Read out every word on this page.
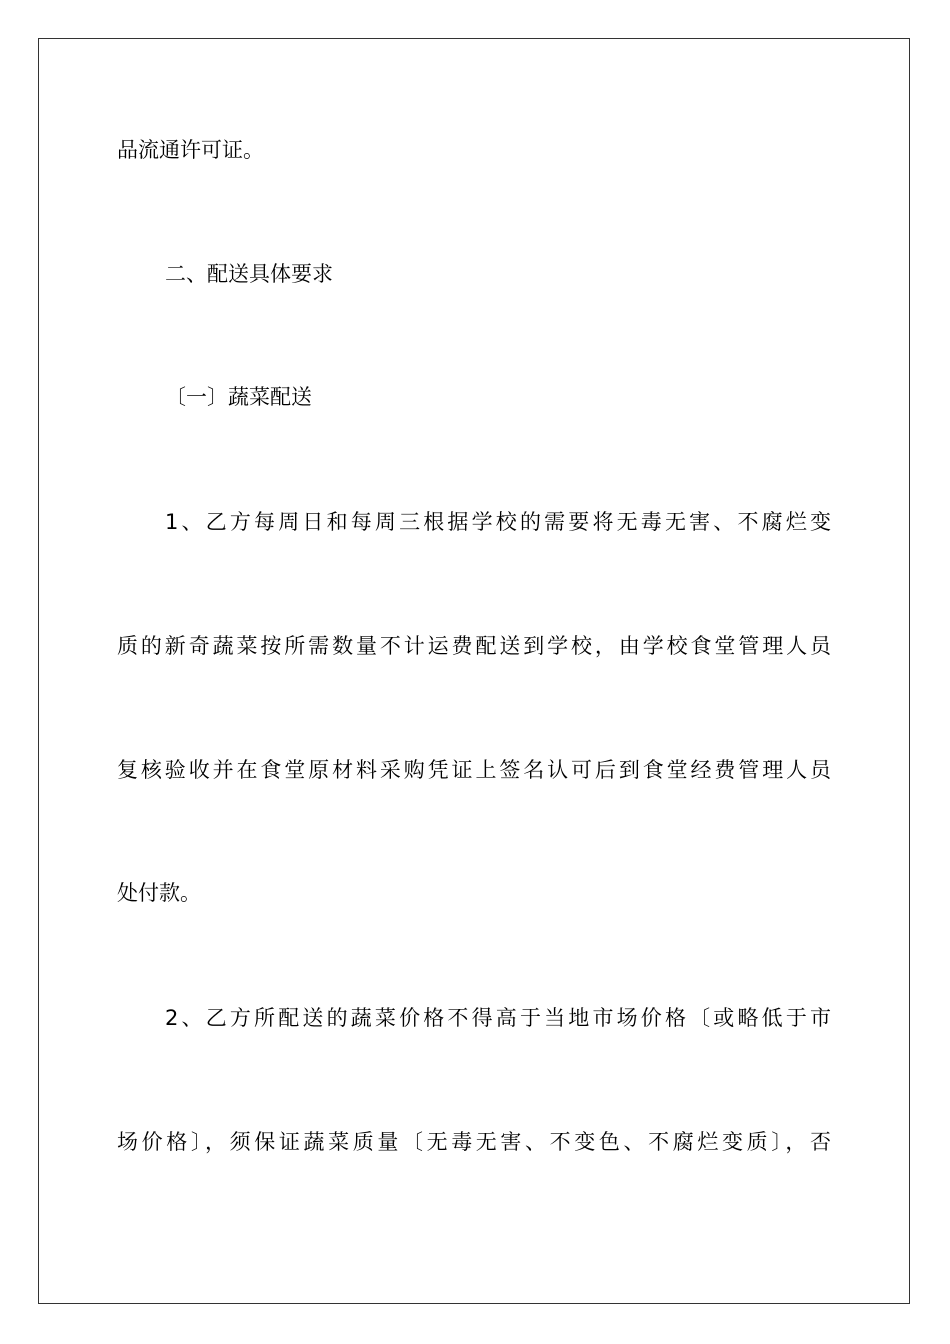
品流通许可证。
二、配送具体要求
〔一〕蔬菜配送
1、乙方每周日和每周三根据学校的需要将无毒无害、不腐烂变
质的新奇蔬菜按所需数量不计运费配送到学校，由学校食堂管理人员
复核验收并在食堂原材料采购凭证上签名认可后到食堂经费管理人员
处付款。
2、乙方所配送的蔬菜价格不得高于当地市场价格〔或略低于市
场价格〕，须保证蔬菜质量〔无毒无害、不变色、不腐烂变质〕，否
